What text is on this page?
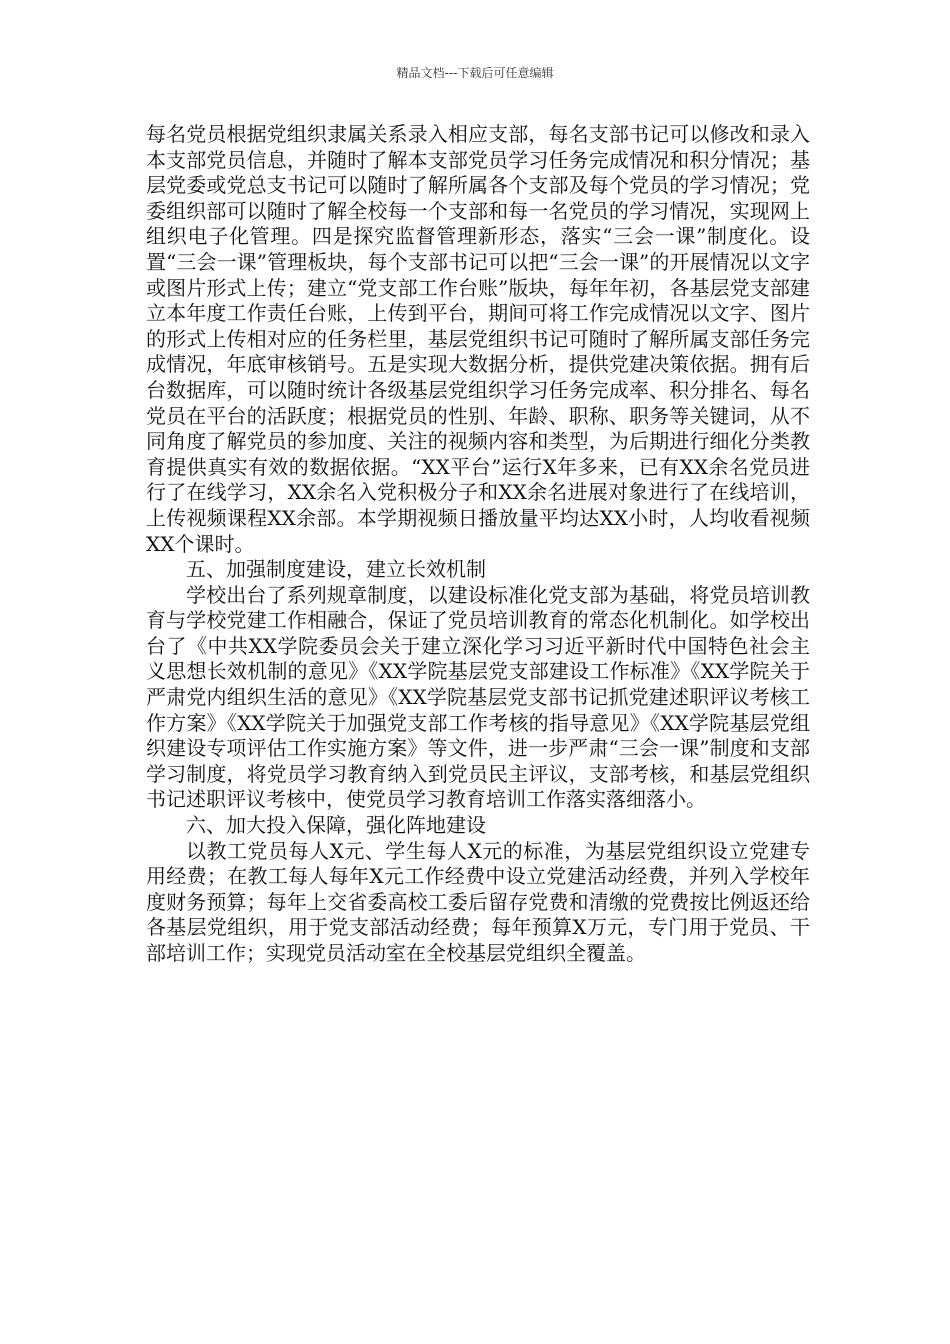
精品文档---下载后可任意编辑

每名党员根据党组织隶属关系录入相应支部，每名支部书记可以修改和录入本支部党员信息，并随时了解本支部党员学习任务完成情况和积分情况；基层党委或党总支书记可以随时了解所属各个支部及每个党员的学习情况；党委组织部可以随时了解全校每一个支部和每一名党员的学习情况，实现网上组织电子化管理。四是探究监督管理新形态，落实“三会一课”制度化。设置“三会一课”管理板块，每个支部书记可以把“三会一课”的开展情况以文字或图片形式上传；建立“党支部工作台账”版块，每年年初，各基层党支部建立本年度工作责任台账，上传到平台，期间可将工作完成情况以文字、图片的形式上传相对应的任务栏里，基层党组织书记可随时了解所属支部任务完成情况，年底审核销号。五是实现大数据分析，提供党建决策依据。拥有后台数据库，可以随时统计各级基层党组织学习任务完成率、积分排名、每名党员在平台的活跃度；根据党员的性别、年龄、职称、职务等关键词，从不同角度了解党员的参加度、关注的视频内容和类型，为后期进行细化分类教育提供真实有效的数据依据。“XX平台”运行X年多来，已有XX余名党员进行了在线学习，XX余名入党积极分子和XX余名进展对象进行了在线培训，上传视频课程XX余部。本学期视频日播放量平均达XX小时，人均收看视频XX个课时。

五、加强制度建设，建立长效机制

学校出台了系列规章制度，以建设标准化党支部为基础，将党员培训教育与学校党建工作相融合，保证了党员培训教育的常态化机制化。如学校出台了《中共XX学院委员会关于建立深化学习习近平新时代中国特色社会主义思想长效机制的意见》《XX学院基层党支部建设工作标准》《XX学院关于严肃党内组织生活的意见》《XX学院基层党支部书记抓党建述职评议考核工作方案》《XX学院关于加强党支部工作考核的指导意见》《XX学院基层党组织建设专项评估工作实施方案》等文件，进一步严肃“三会一课”制度和支部学习制度，将党员学习教育纳入到党员民主评议，支部考核，和基层党组织书记述职评议考核中，使党员学习教育培训工作落实落细落小。

六、加大投入保障，强化阵地建设

以教工党员每人X元、学生每人X元的标准，为基层党组织设立党建专用经费；在教工每人每年X元工作经费中设立党建活动经费，并列入学校年度财务预算；每年上交省委高校工委后留存党费和清缴的党费按比例返还给各基层党组织，用于党支部活动经费；每年预算X万元，专门用于党员、干部培训工作；实现党员活动室在全校基层党组织全覆盖。
